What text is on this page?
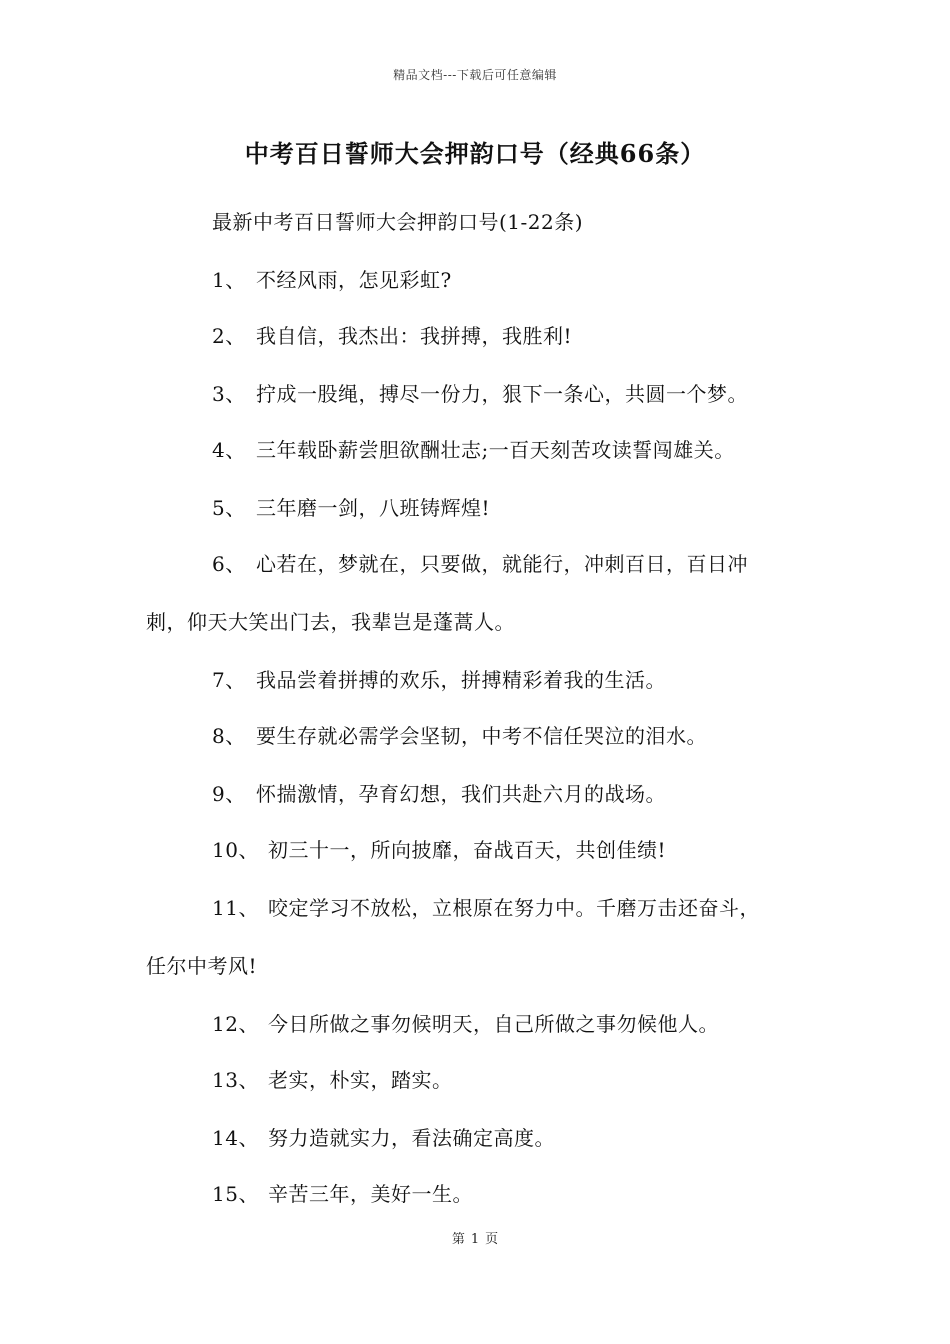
精品文档---下载后可任意编辑
中考百日誓师大会押韵口号（经典66条）
最新中考百日誓师大会押韵口号(1-22条)
1、 不经风雨，怎见彩虹?
2、 我自信，我杰出：我拼搏，我胜利!
3、 拧成一股绳，搏尽一份力，狠下一条心，共圆一个梦。
4、 三年载卧薪尝胆欲酬壮志;一百天刻苦攻读誓闯雄关。
5、 三年磨一剑，八班铸辉煌!
6、 心若在，梦就在，只要做，就能行，冲刺百日，百日冲
刺，仰天大笑出门去，我辈岂是蓬蒿人。
7、 我品尝着拼搏的欢乐，拼搏精彩着我的生活。
8、 要生存就必需学会坚韧，中考不信任哭泣的泪水。
9、 怀揣激情，孕育幻想，我们共赴六月的战场。
10、 初三十一，所向披靡，奋战百天，共创佳绩!
11、 咬定学习不放松，立根原在努力中。千磨万击还奋斗，
任尔中考风!
12、 今日所做之事勿候明天，自己所做之事勿候他人。
13、 老实，朴实，踏实。
14、 努力造就实力，看法确定高度。
15、 辛苦三年，美好一生。
第 1 页
